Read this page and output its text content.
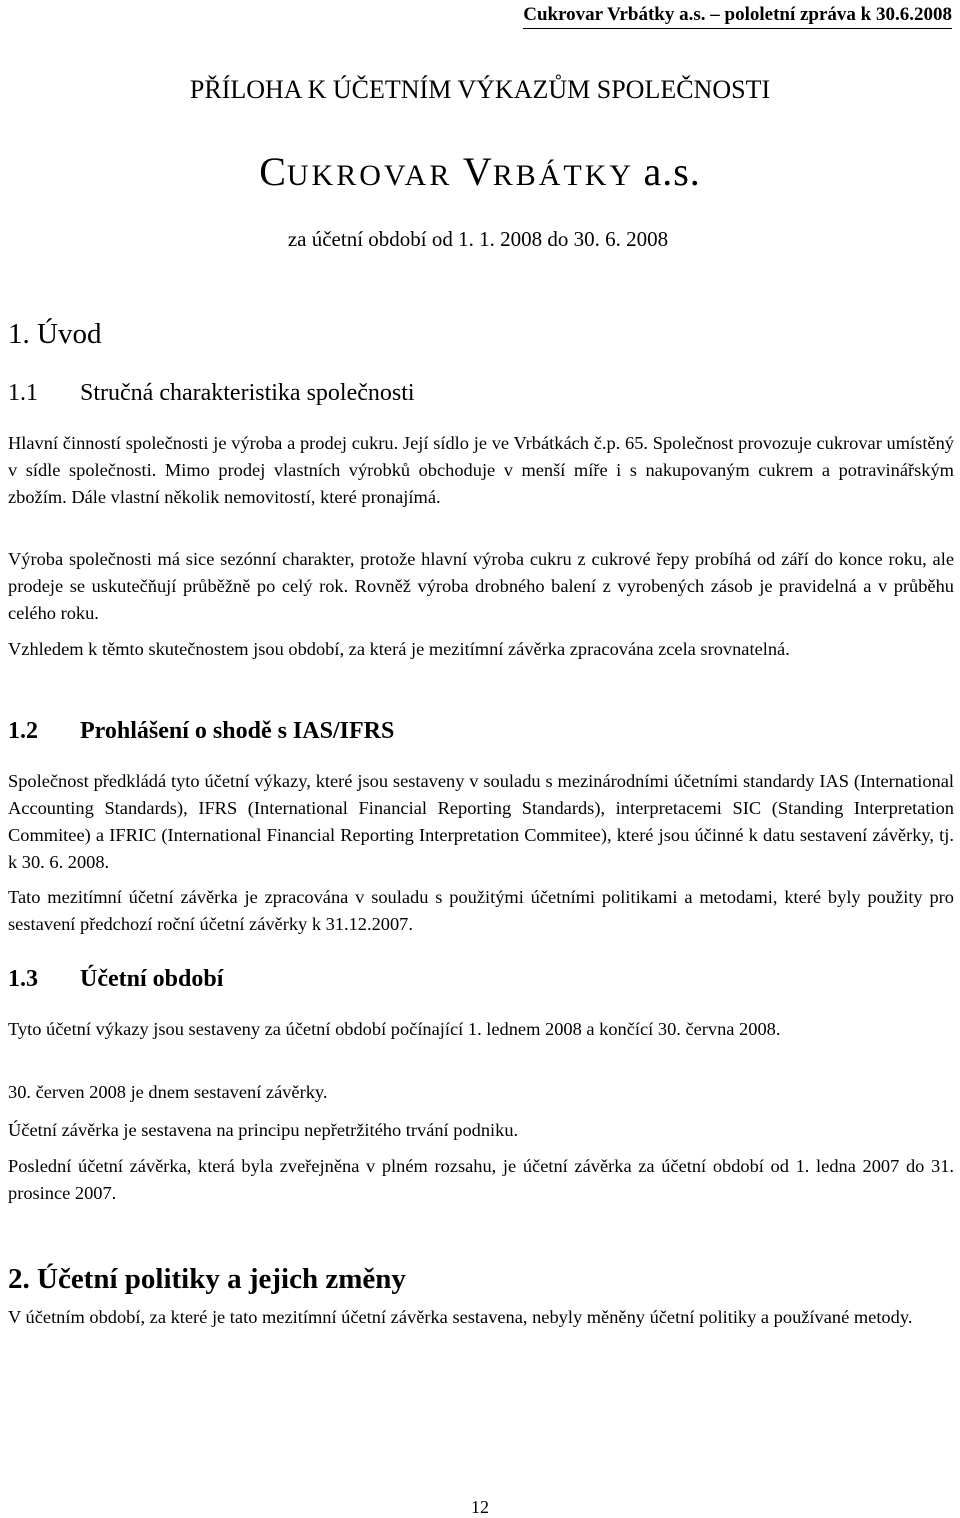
Cukrovar Vrbátky a.s. – pololetní zpráva k 30.6.2008
PŘÍLOHA K ÚČETNÍM VÝKAZŮM SPOLEČNOSTI
CUKROVAR VRBÁTKY a.s.
za účetní období od 1. 1. 2008 do 30. 6. 2008
1. Úvod
1.1 Stručná charakteristika společnosti
Hlavní činností společnosti je výroba a prodej cukru. Její sídlo je ve Vrbátkách č.p. 65. Společnost provozuje cukrovar umístěný v sídle společnosti. Mimo prodej vlastních výrobků obchoduje v menší míře i s nakupovaným cukrem a potravinářským zbožím. Dále vlastní několik nemovitostí, které pronajímá.
Výroba společnosti má sice sezónní charakter, protože hlavní výroba cukru z cukrové řepy probíhá od září do konce roku, ale prodeje se uskutečňují průběžně po celý rok. Rovněž výroba drobného balení z vyrobených zásob je pravidelná a v průběhu celého roku.
Vzhledem k těmto skutečnostem jsou období, za která je mezitímní závěrka zpracována zcela srovnatelná.
1.2 Prohlášení o shodě s IAS/IFRS
Společnost předkládá tyto účetní výkazy, které jsou sestaveny v souladu s mezinárodními účetními standardy IAS (International Accounting Standards), IFRS (International Financial Reporting Standards), interpretacemi SIC (Standing Interpretation Commitee) a IFRIC (International Financial Reporting Interpretation Commitee), které jsou účinné k datu sestavení závěrky, tj. k 30. 6. 2008.
Tato mezitímní účetní závěrka je zpracována v souladu s použitými účetními politikami a metodami, které byly použity pro sestavení předchozí roční účetní závěrky k 31.12.2007.
1.3 Účetní období
Tyto účetní výkazy jsou sestaveny za účetní období počínající 1. lednem 2008 a končící 30. června 2008.
30. červen 2008 je dnem sestavení závěrky.
Účetní závěrka je sestavena na principu nepřetržitého trvání podniku.
Poslední účetní závěrka, která byla zveřejněna v plném rozsahu, je účetní závěrka za účetní období od 1. ledna 2007 do 31. prosince 2007.
2. Účetní politiky a jejich změny
V účetním období, za které je tato mezitímní účetní závěrka sestavena, nebyly měněny účetní politiky a používané metody.
12
